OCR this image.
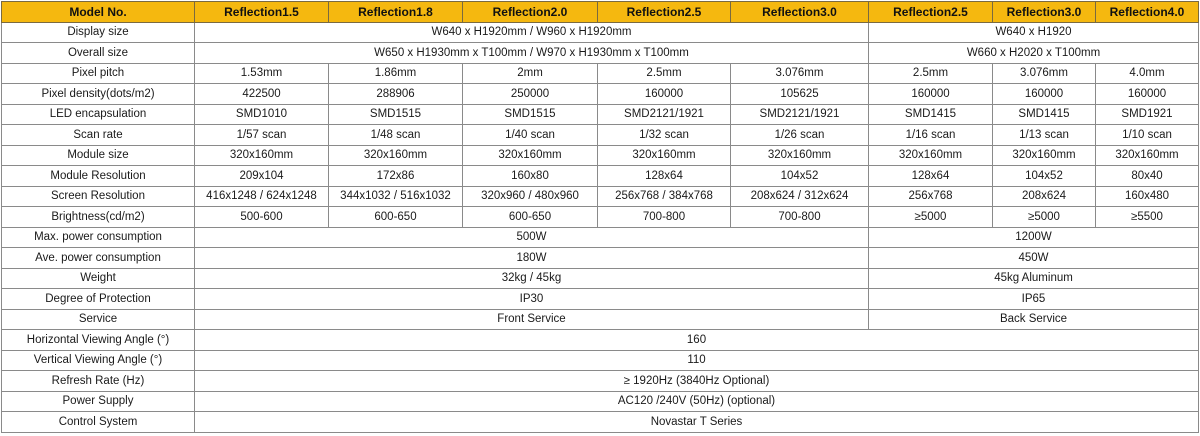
Model No.	Reflection1.5	Reflection1.8	Reflection2.0	Reflection2.5	Reflection3.0	Reflection2.5	Reflection3.0	Reflection4.0
Display size	W640 x H1920mm / W960 x H1920mm					W640 x H1920		
Overall size	W650 x H1930mm x T100mm / W970 x H1930mm x T100mm					W660 x H2020 x T100mm		
Pixel pitch	1.53mm	1.86mm	2mm	2.5mm	3.076mm	2.5mm	3.076mm	4.0mm
Pixel density(dots/m2)	422500	288906	250000	160000	105625	160000	160000	160000
LED encapsulation	SMD1010	SMD1515	SMD1515	SMD2121/1921	SMD2121/1921	SMD1415	SMD1415	SMD1921
Scan rate	1/57 scan	1/48 scan	1/40 scan	1/32 scan	1/26 scan	1/16 scan	1/13 scan	1/10 scan
Module size	320x160mm	320x160mm	320x160mm	320x160mm	320x160mm	320x160mm	320x160mm	320x160mm
Module Resolution	209x104	172x86	160x80	128x64	104x52	128x64	104x52	80x40
Screen Resolution	416x1248 / 624x1248	344x1032 / 516x1032	320x960 / 480x960	256x768 / 384x768	208x624 / 312x624	256x768	208x624	160x480
Brightness(cd/m2)	500-600	600-650	600-650	700-800	700-800	≥5000	≥5000	≥5500
Max. power consumption	500W					1200W		
Ave. power consumption	180W					450W		
Weight	32kg / 45kg					45kg Aluminum		
Degree of Protection	IP30					IP65		
Service	Front Service					Back Service		
Horizontal Viewing Angle (°)	160							
Vertical Viewing Angle (°)	110							
Refresh Rate (Hz)	≥ 1920Hz (3840Hz Optional)							
Power Supply	AC120 /240V (50Hz) (optional)							
Control System	Novastar T Series							
